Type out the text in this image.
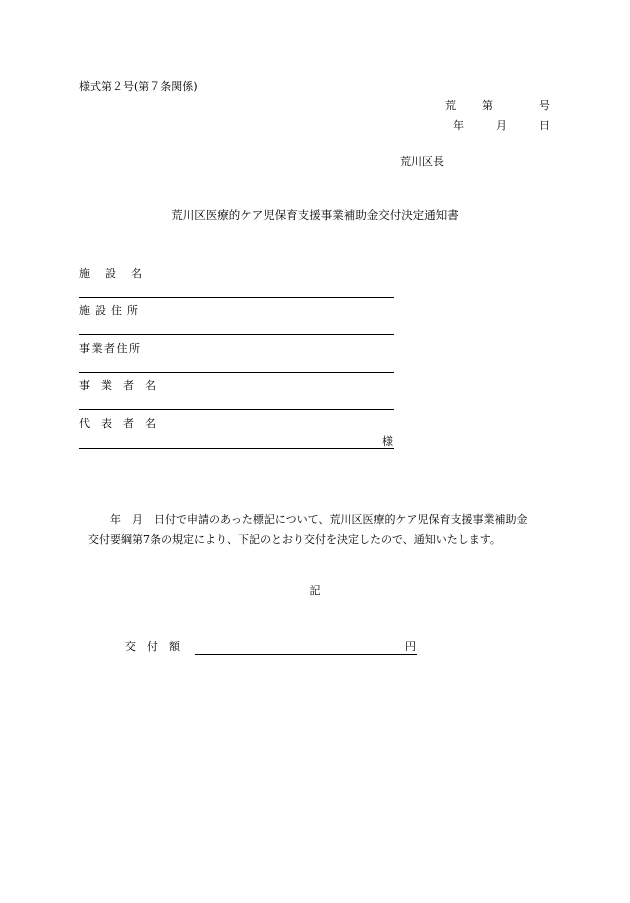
様式第２号(第７条関係)
荒 第	号
年	月	日
荒川区長
荒川区医療的ケア児保育支援事業補助金交付決定通知書
施　設　名
施設住所
事業者住所
事　業　者　名
代　表　者　名
様

年　月　日付で申請のあった標記について、荒川区医療的ケア児保育支援事業補助金

交付要綱第7条の規定により、下記のとおり交付を決定したので、通知いたします。

記
交　付　額	円
